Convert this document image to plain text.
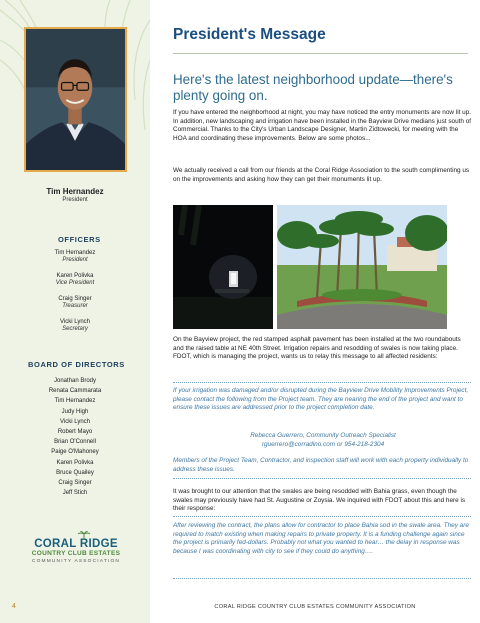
Tim Hernandez
President
OFFICERS
Tim Hernandez
President
Karen Polivka
Vice President
Craig Singer
Treasurer
Vicki Lynch
Secretary
BOARD OF DIRECTORS
Jonathan Brody
Renata Cammarata
Tim Hernandez
Judy High
Vicki Lynch
Robert Mayo
Brian O'Connell
Paige O'Mahoney
Karen Polivka
Bruce Quailey
Craig Singer
Jeff Stich
CORAL RIDGE
COUNTRY CLUB ESTATES
COMMUNITY ASSOCIATION
4
President's Message
Here's the latest neighborhood update—there's plenty going on.
If you have entered the neighborhood at night, you may have noticed the entry monuments are now lit up. In addition, new landscaping and irrigation have been installed in the Bayview Drive medians just south of Commercial. Thanks to the City's Urban Landscape Designer, Martin Zidtowecki, for meeting with the HOA and coordinating these improvements. Below are some photos...
We actually received a call from our friends at the Coral Ridge Association to the south complimenting us on the improvements and asking how they can get their monuments lit up.
On the Bayview project, the red stamped asphalt pavement has been installed at the two roundabouts and the raised table at NE 40th Street. Irrigation repairs and resodding of swales is now taking place. FDOT, which is managing the project, wants us to relay this message to all affected residents:
If your irrigation was damaged and/or disrupted during the Bayview Drive Mobility Improvements Project, please contact the following from the Project team. They are nearing the end of the project and want to ensure these issues are addressed prior to the project completion date.
Rebecca Guerrero, Community Outreach Specialist
rguerrero@corradino.com or 954-218-2304
Members of the Project Team, Contractor, and inspection staff will work with each property individually to address these issues.
It was brought to our attention that the swales are being resodded with Bahia grass, even though the swales may previously have had St. Augustine or Zoysia. We inquired with FDOT about this and here is their response:
After reviewing the contract, the plans allow for contractor to place Bahia sod in the swale area. They are required to match existing when making repairs to private property. It is a funding challenge again since the project is primarily fed-dollars. Probably not what you wanted to hear… the delay in response was because I was coordinating with city to see if they could do anything….
CORAL RIDGE COUNTRY CLUB ESTATES COMMUNITY ASSOCIATION
